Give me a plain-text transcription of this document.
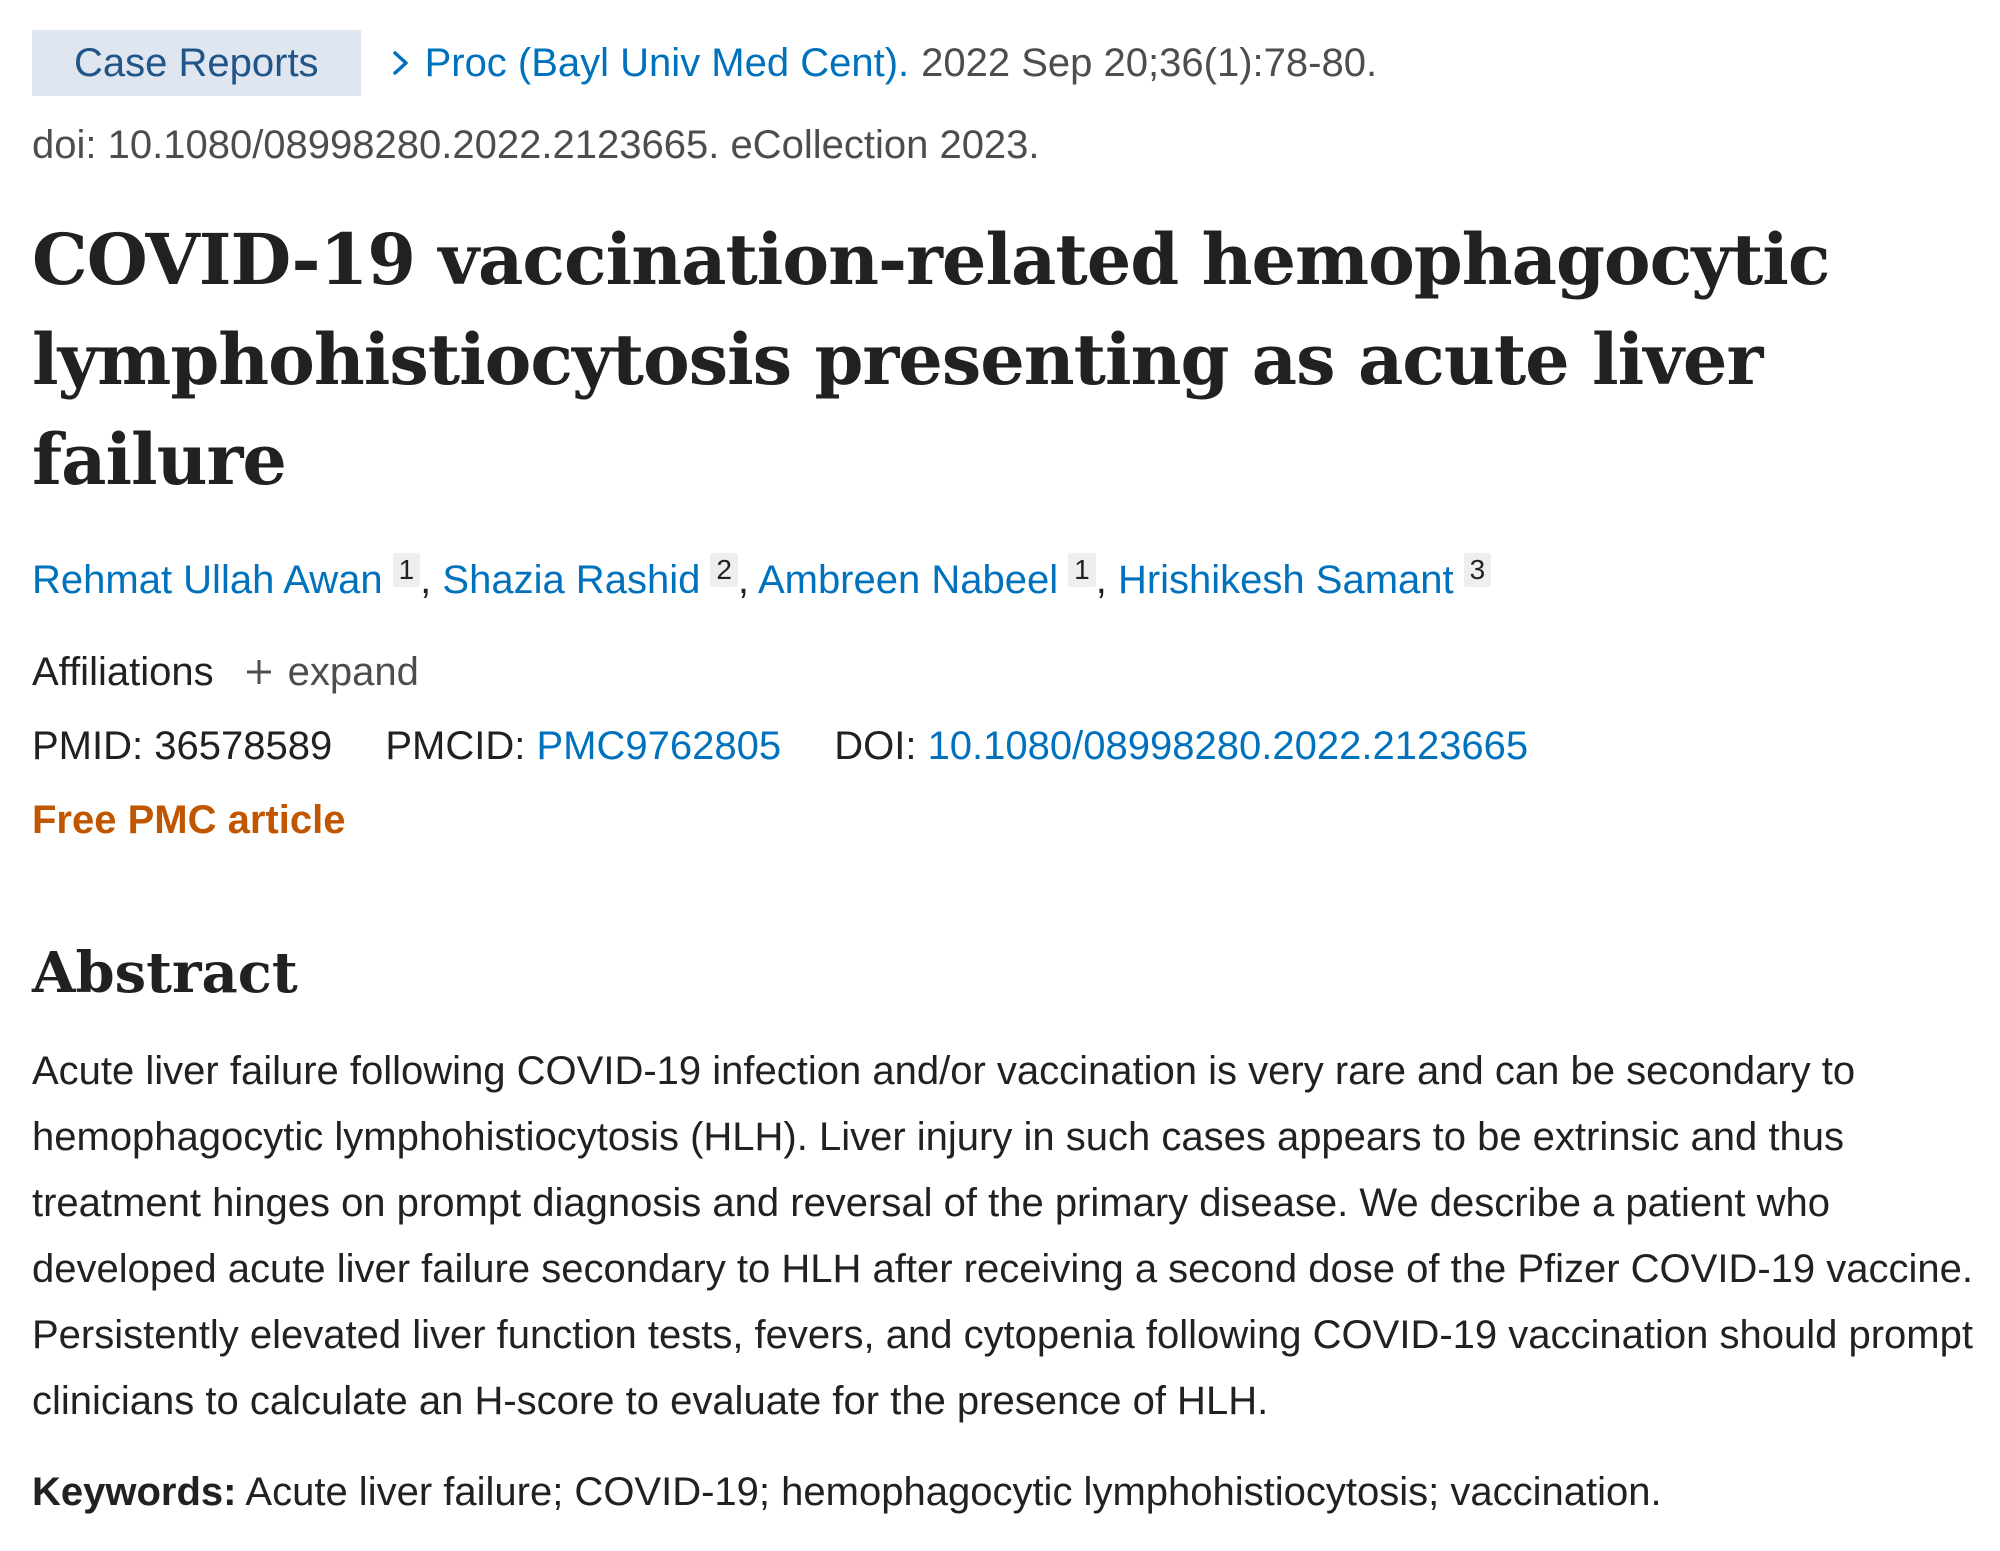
Case Reports	Proc (Bayl Univ Med Cent). 2022 Sep 20;36(1):78-80.
doi: 10.1080/08998280.2022.2123665. eCollection 2023.
COVID-19 vaccination-related hemophagocytic lymphohistiocytosis presenting as acute liver failure
Rehmat Ullah Awan 1 , Shazia Rashid 2 , Ambreen Nabeel 1 , Hrishikesh Samant 3
Affiliations expand
PMID: 36578589 PMCID: PMC9762805 DOI: 10.1080/08998280.2022.2123665
Free PMC article
Abstract
Acute liver failure following COVID-19 infection and/or vaccination is very rare and can be secondary to hemophagocytic lymphohistiocytosis (HLH). Liver injury in such cases appears to be extrinsic and thus treatment hinges on prompt diagnosis and reversal of the primary disease. We describe a patient who developed acute liver failure secondary to HLH after receiving a second dose of the Pfizer COVID-19 vaccine. Persistently elevated liver function tests, fevers, and cytopenia following COVID-19 vaccination should prompt clinicians to calculate an H-score to evaluate for the presence of HLH.
Keywords: Acute liver failure; COVID-19; hemophagocytic lymphohistiocytosis; vaccination.
